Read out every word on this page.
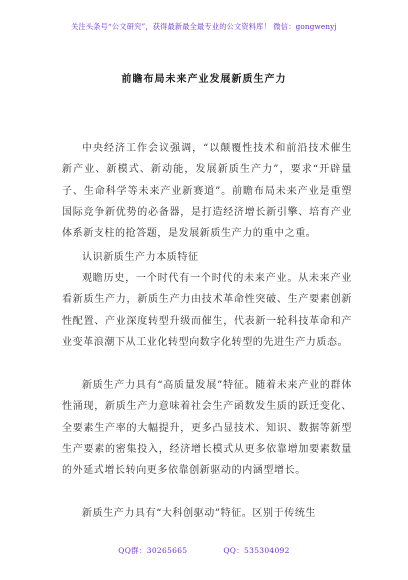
关注头条号“公文研究”，获得最新最全最专业的公文资料库！ 微信：gongwenyj
前瞻布局未来产业发展新质生产力
中央经济工作会议强调，“以颠覆性技术和前沿技术催生新产业、新模式、新动能，发展新质生产力”，要求“开辟量子、生命科学等未来产业新赛道”。前瞻布局未来产业是重塑国际竞争新优势的必备器，是打造经济增长新引擎、培育产业体系新支柱的抢答题，是发展新质生产力的重中之重。
认识新质生产力本质特征
观瞻历史，一个时代有一个时代的未来产业。从未来产业看新质生产力，新质生产力由技术革命性突破、生产要素创新性配置、产业深度转型升级而催生，代表新一轮科技革命和产业变革浪潮下从工业化转型向数字化转型的先进生产力质态。
新质生产力具有“高质量发展”特征。随着未来产业的群体性涌现，新质生产力意味着社会生产函数发生质的跃迁变化、全要素生产率的大幅提升，更多凸显技术、知识、数据等新型生产要素的密集投入，经济增长模式从更多依靠增加要素数量的外延式增长转向更多依靠创新驱动的内涵型增长。
新质生产力具有“大科创驱动”特征。区别于传统生
QQ群：30265665	QQ：535304092
